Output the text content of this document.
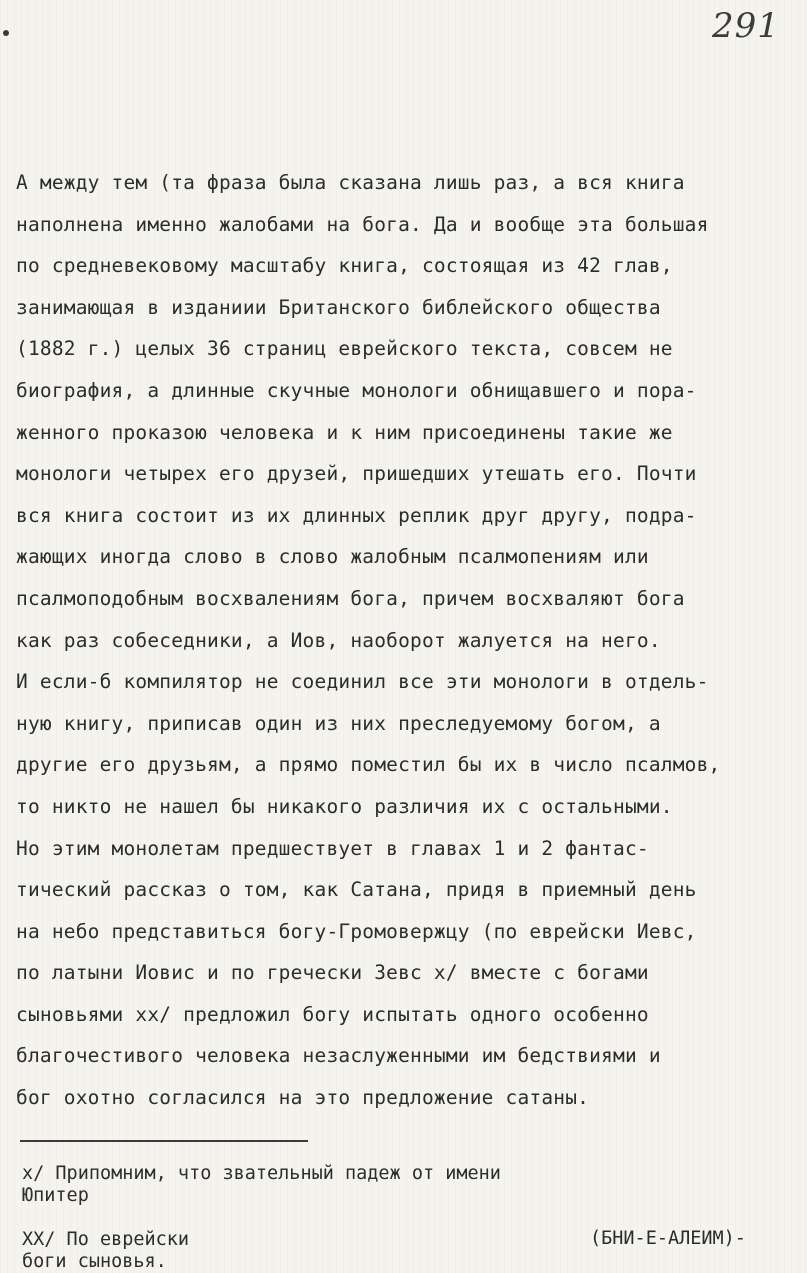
291
А между тем (та фраза была сказана лишь раз, а вся книга
наполнена именно жалобами на бога. Да и вообще эта большая
по средневековому масштабу книга, состоящая из 42 глав,
занимающая в изданиии Британского библейского общества
(1882 г.) целых 36 страниц еврейского текста, совсем не
биография, а длинные скучные монологи обнищавшего и пора-
женного проказою человека и к ним присоединены такие же
монологи четырех его друзей, пришедших утешать его. Почти
вся книга состоит из их длинных реплик друг другу, подра-
жающих иногда слово в слово жалобным псалмопениям или
псалмоподобным восхвалениям бога, причем восхваляют бога
как раз собеседники, а Иов, наоборот жалуется на него.
И если-б компилятор не соединил все эти монологи в отдель-
ную книгу, приписав один из них преследуемому богом, а
другие его друзьям, а прямо поместил бы их в число псалмов,
то никто не нашел бы никакого различия их с остальными.
Но этим монолетам предшествует в главах 1 и 2 фантас-
тический рассказ о том, как Сатана, придя в приемный день
на небо представиться богу-Громовержцу (по еврейски Иевс,
по латыни Иовис и по гречески Зевс x/ вместе с богами
сыновьями xx/ предложил богу испытать одного особенно
благочестивого человека незаслуженными им бедствиями и
бог охотно согласился на это предложение сатаны.
x/ Припомним, что звательный падеж от имени
Юпитер
XX/ По еврейски
боги сыновья.
(БНИ-Е-АЛЕИМ)-
